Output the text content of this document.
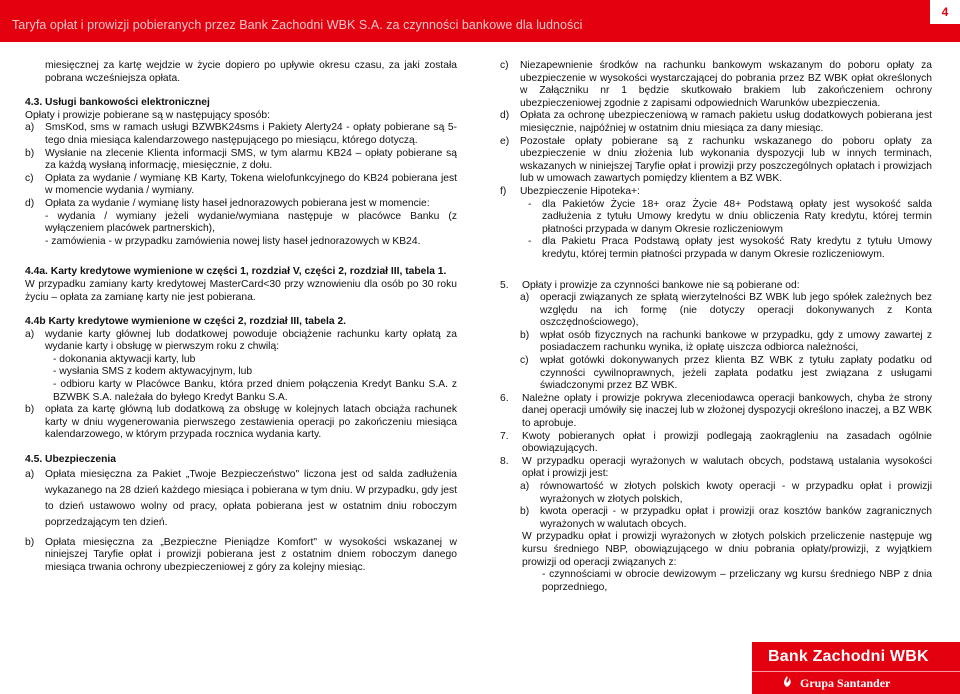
Taryfa opłat i prowizji pobieranych przez Bank Zachodni WBK S.A. za czynności bankowe dla ludności
4
miesięcznej za kartę wejdzie w życie dopiero po upływie okresu czasu, za jaki została pobrana wcześniejsza opłata.
4.3. Usługi bankowości elektronicznej
Opłaty i prowizje pobierane są w następujący sposób:
a)	SmsKod, sms w ramach usługi BZWBK24sms i Pakiety Alerty24 - opłaty pobierane są 5-tego dnia miesiąca kalendarzowego następującego po miesiącu, którego dotyczą.
b)	Wysłanie na zlecenie Klienta informacji SMS, w tym alarmu KB24 – opłaty pobierane są za każdą wysłaną informację, miesięcznie, z dołu.
c)	Opłata za wydanie / wymianę KB Karty, Tokena wielofunkcyjnego do KB24 pobierana jest w momencie wydania / wymiany.
d)	Opłata za wydanie / wymianę listy haseł jednorazowych pobierana jest w momencie:
- wydania / wymiany jeżeli wydanie/wymiana następuje w placówce Banku (z wyłączeniem placówek partnerskich),
- zamówienia - w przypadku zamówienia nowej listy haseł jednorazowych w KB24.
4.4a. Karty kredytowe wymienione w części 1, rozdział V, części 2, rozdział III, tabela 1.
W przypadku zamiany karty kredytowej MasterCard<30 przy wznowieniu dla osób po 30 roku życiu – opłata za zamianę karty nie jest pobierana.
4.4b Karty kredytowe wymienione w części 2, rozdział III, tabela 2.
a)	wydanie karty głównej lub dodatkowej powoduje obciążenie rachunku karty opłatą za wydanie karty i obsługę w pierwszym roku z chwilą:
- dokonania aktywacji karty, lub
- wysłania SMS z kodem aktywacyjnym, lub
- odbioru karty w Placówce Banku, która przed dniem połączenia Kredyt Banku S.A. z BZWBK S.A. należała do byłego Kredyt Banku S.A.
b)	opłata za kartę główną lub dodatkową za obsługę w kolejnych latach obciąża rachunek karty w dniu wygenerowania pierwszego zestawienia operacji po zakończeniu miesiąca kalendarzowego, w którym przypada rocznica wydania karty.
4.5. Ubezpieczenia
a)	Opłata miesięczna za Pakiet „Twoje Bezpieczeństwo" liczona jest od salda zadłużenia wykazanego na 28 dzień każdego miesiąca i pobierana w tym dniu. W przypadku, gdy jest to dzień ustawowo wolny od pracy, opłata pobierana jest w ostatnim dniu roboczym poprzedzającym ten dzień.
b)	Opłata miesięczna za „Bezpieczne Pieniądze Komfort" w wysokości wskazanej w niniejszej Taryfie opłat i prowizji pobierana jest z ostatnim dniem roboczym danego miesiąca trwania ochrony ubezpieczeniowej z góry za kolejny miesiąc.
c)	Niezapewnienie środków na rachunku bankowym wskazanym do poboru opłaty za ubezpieczenie w wysokości wystarczającej do pobrania przez BZ WBK opłat określonych w Załączniku nr 1 będzie skutkowało brakiem lub zakończeniem ochrony ubezpieczeniowej zgodnie z zapisami odpowiednich Warunków ubezpieczenia.
d)	Opłata za ochronę ubezpieczeniową w ramach pakietu usług dodatkowych pobierana jest miesięcznie, najpóźniej w ostatnim dniu miesiąca za dany miesiąc.
e)	Pozostałe opłaty pobierane są z rachunku wskazanego do poboru opłaty za ubezpieczenie w dniu złożenia lub wykonania dyspozycji lub w innych terminach, wskazanych w niniejszej Taryfie opłat i prowizji przy poszczególnych opłatach i prowizjach lub w umowach zawartych pomiędzy klientem a BZ WBK.
f)	Ubezpieczenie Hipoteka+:
-	dla Pakietów Życie 18+ oraz Życie 48+ Podstawą opłaty jest wysokość salda zadłużenia z tytułu Umowy kredytu w dniu obliczenia Raty kredytu, której termin płatności przypada w danym Okresie rozliczeniowym
-	dla Pakietu Praca Podstawą opłaty jest wysokość Raty kredytu z tytułu Umowy kredytu, której termin płatności przypada w danym Okresie rozliczeniowym.
5.	Opłaty i prowizje za czynności bankowe nie są pobierane od:
a)	operacji związanych ze spłatą wierzytelności BZ WBK lub jego spółek zależnych bez względu na ich formę (nie dotyczy operacji dokonywanych z Konta oszczędnościowego),
b)	wpłat osób fizycznych na rachunki bankowe w przypadku, gdy z umowy zawartej z posiadaczem rachunku wynika, iż opłatę uiszcza odbiorca należności,
c)	wpłat gotówki dokonywanych przez klienta BZ WBK z tytułu zapłaty podatku od czynności cywilnoprawnych, jeżeli zapłata podatku jest związana z usługami świadczonymi przez BZ WBK.
6.	Należne opłaty i prowizje pokrywa zleceniodawca operacji bankowych, chyba że strony danej operacji umówiły się inaczej lub w złożonej dyspozycji określono inaczej, a BZ WBK to aprobuje.
7.	Kwoty pobieranych opłat i prowizji podlegają zaokrągleniu na zasadach ogólnie obowiązujących.
8.	W przypadku operacji wyrażonych w walutach obcych, podstawą ustalania wysokości opłat i prowizji jest:
a)	równowartość w złotych polskich kwoty operacji - w przypadku opłat i prowizji wyrażonych w złotych polskich,
b)	kwota operacji - w przypadku opłat i prowizji oraz kosztów banków zagranicznych wyrażonych w walutach obcych.
W przypadku opłat i prowizji wyrażonych w złotych polskich przeliczenie następuje wg kursu średniego NBP, obowiązującego w dniu pobrania opłaty/prowizji, z wyjątkiem prowizji od operacji związanych z:
- czynnościami w obrocie dewizowym – przeliczany wg kursu średniego NBP z dnia poprzedniego,
Bank Zachodni WBK
Grupa Santander
